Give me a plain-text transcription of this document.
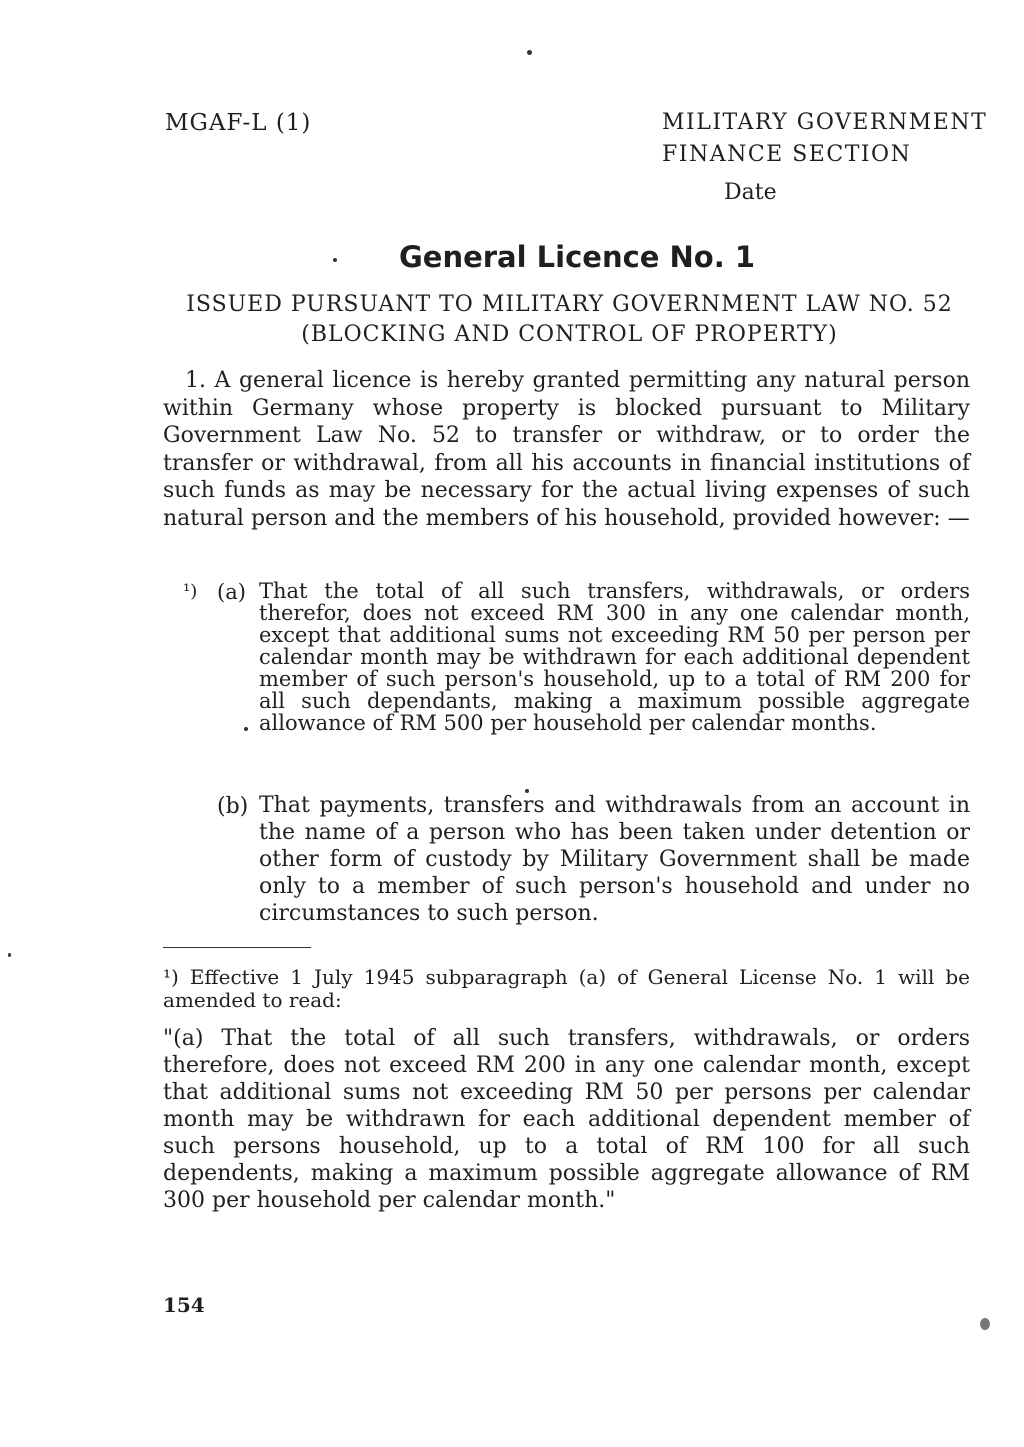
MGAF-L (1)	MILITARY GOVERNMENT

FINANCE SECTION

Date

General Licence No. 1

ISSUED PURSUANT TO MILITARY GOVERNMENT LAW NO. 52

(BLOCKING AND CONTROL OF PROPERTY)

1. A general licence is hereby granted permitting any natural person within Germany whose property is blocked pursuant to Military Government Law No. 52 to transfer or withdraw, or to order the transfer or withdrawal, from all his accounts in financial institutions of such funds as may be necessary for the actual living expenses of such natural person and the members of his household, provided however: —

¹) (a) That the total of all such transfers, withdrawals, or orders therefor, does not exceed RM 300 in any one calendar month, except that additional sums not exceeding RM 50 per person per calendar month may be withdrawn for each additional dependent member of such person's household, up to a total of RM 200 for all such dependants, making a maximum possible aggregate allowance of RM 500 per household per calendar months.

(b) That payments, transfers and withdrawals from an account in the name of a person who has been taken under detention or other form of custody by Military Government shall be made only to a member of such person's household and under no circumstances to such person.

¹) Effective 1 July 1945 subparagraph (a) of General License No. 1 will be amended to read:

"(a) That the total of all such transfers, withdrawals, or orders therefore, does not exceed RM 200 in any one calendar month, except that additional sums not exceeding RM 50 per persons per calendar month may be withdrawn for each additional dependent member of such persons household, up to a total of RM 100 for all such dependents, making a maximum possible aggregate allowance of RM 300 per household per calendar month."

154
